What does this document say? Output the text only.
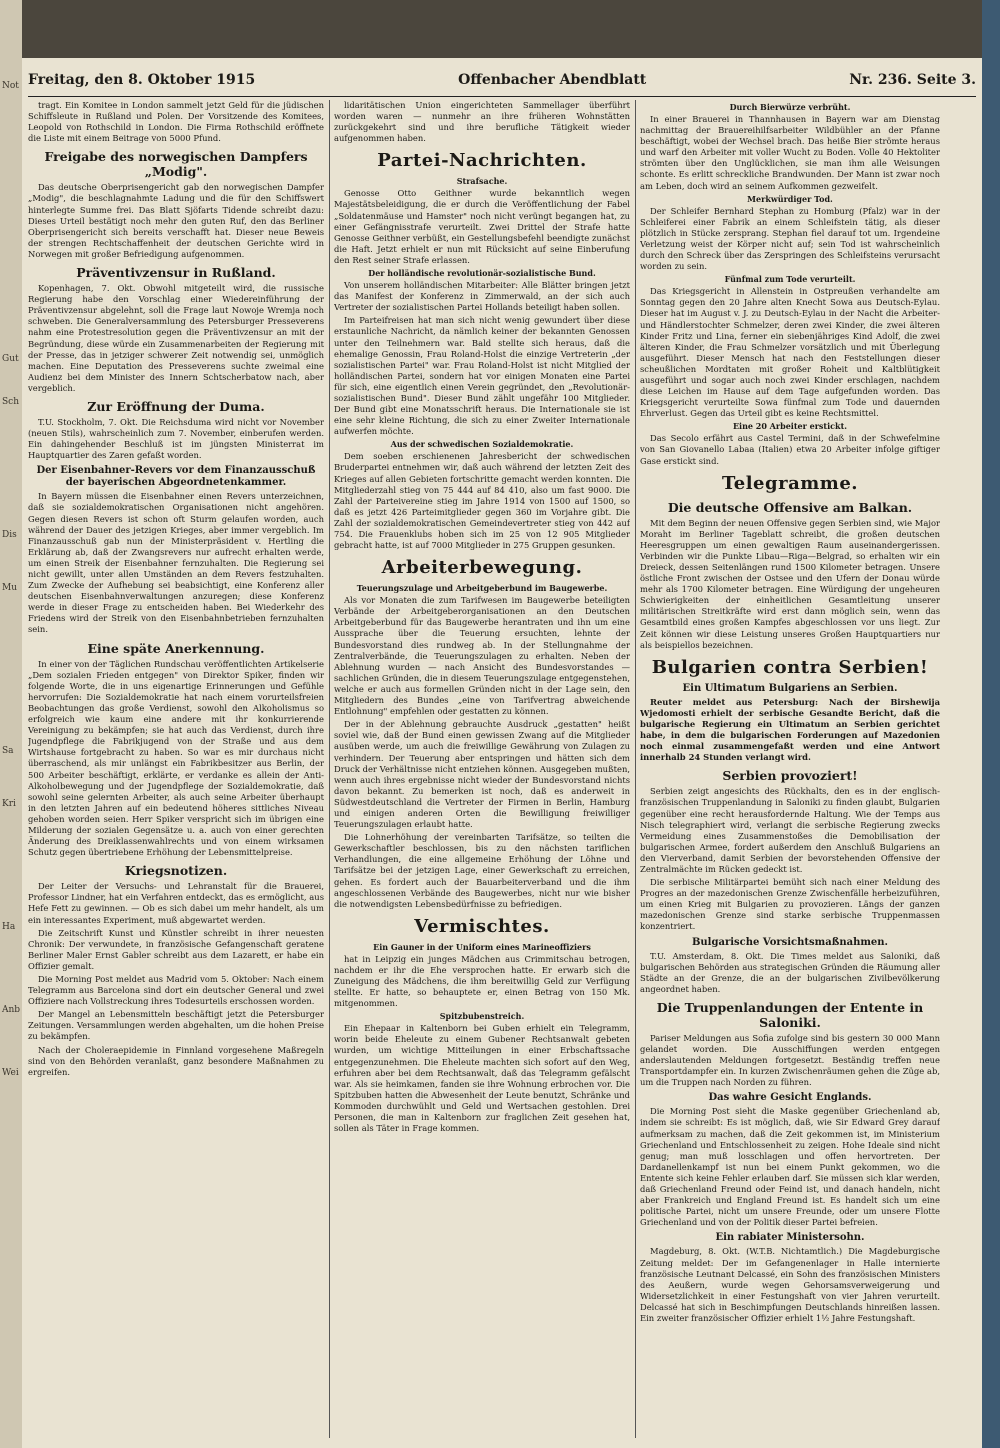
Not
Gut
Sch
Dis
Mu
Sa
Kri
Ha
Anb
Wei
Freitag, den 8. Oktober 1915	Offenbacher Abendblatt	Nr. 236. Seite 3.

tragt. Ein Komitee in London sammelt jetzt Geld für die jüdischen Schiffsleute in Rußland und Polen. Der Vorsitzende des Komitees, Leopold von Rothschild in London. Die Firma Rothschild eröffnete die Liste mit einem Beitrage von 5000 Pfund.

Freigabe des norwegischen Dampfers „Modig".

Das deutsche Oberprisengericht gab den norwegischen Dampfer „Modig", die beschlagnahmte Ladung und die für den Schiffswert hinterlegte Summe frei. Das Blatt Sjöfarts Tidende schreibt dazu: Dieses Urteil bestätigt noch mehr den guten Ruf, den das Berliner Oberprisengericht sich bereits verschafft hat. Dieser neue Beweis der strengen Rechtschaffenheit der deutschen Gerichte wird in Norwegen mit großer Befriedigung aufgenommen.

Präventivzensur in Rußland.

Kopenhagen, 7. Okt. Obwohl mitgeteilt wird, die russische Regierung habe den Vorschlag einer Wiedereinführung der Präventivzensur abgelehnt, soll die Frage laut Nowoje Wremja noch schweben. Die Generalversammlung des Petersburger Presseverens nahm eine Protestresolution gegen die Präventivzensur an mit der Begründung, diese würde ein Zusammenarbeiten der Regierung mit der Presse, das in jetziger schwerer Zeit notwendig sei, unmöglich machen. Eine Deputation des Presseverens suchte zweimal eine Audienz bei dem Minister des Innern Schtscherbatow nach, aber vergeblich.

Zur Eröffnung der Duma.

T.U. Stockholm, 7. Okt. Die Reichsduma wird nicht vor November (neuen Stils), wahrscheinlich zum 7. November, einberufen werden. Ein dahingehender Beschluß ist im jüngsten Ministerrat im Hauptquartier des Zaren gefaßt worden.

Der Eisenbahner-Revers vor dem Finanzausschuß der bayerischen Abgeordnetenkammer.

In Bayern müssen die Eisenbahner einen Revers unterzeichnen, daß sie sozialdemokratischen Organisationen nicht angehören. Gegen diesen Revers ist schon oft Sturm gelaufen worden, auch während der Dauer des jetzigen Krieges, aber immer vergeblich. Im Finanzausschuß gab nun der Ministerpräsident v. Hertling die Erklärung ab, daß der Zwangsrevers nur aufrecht erhalten werde, um einen Streik der Eisenbahner fernzuhalten. Die Regierung sei nicht gewillt, unter allen Umständen an dem Revers festzuhalten. Zum Zwecke der Aufhebung sei beabsichtigt, eine Konferenz aller deutschen Eisenbahnverwaltungen anzuregen; diese Konferenz werde in dieser Frage zu entscheiden haben. Bei Wiederkehr des Friedens wird der Streik von den Eisenbahnbetrieben fernzuhalten sein.

Eine späte Anerkennung.

In einer von der Täglichen Rundschau veröffentlichten Artikelserie „Dem sozialen Frieden entgegen" von Direktor Spiker, finden wir folgende Worte, die in uns eigenartige Erinnerungen und Gefühle hervorrufen: Die Sozialdemokratie hat nach einem vorurteilsfreien Beobachtungen das große Verdienst, sowohl den Alkoholismus so erfolgreich wie kaum eine andere mit ihr konkurrierende Vereinigung zu bekämpfen; sie hat auch das Verdienst, durch ihre Jugendpflege die Fabrikjugend von der Straße und aus dem Wirtshause fortgebracht zu haben. So war es mir durchaus nicht überraschend, als mir unlängst ein Fabrikbesitzer aus Berlin, der 500 Arbeiter beschäftigt, erklärte, er verdanke es allein der Anti-Alkoholbewegung und der Jugendpflege der Sozialdemokratie, daß sowohl seine gelernten Arbeiter, als auch seine Arbeiter überhaupt in den letzten Jahren auf ein bedeutend höheres sittliches Niveau gehoben worden seien. Herr Spiker verspricht sich im übrigen eine Milderung der sozialen Gegensätze u. a. auch von einer gerechten Änderung des Dreiklassenwahlrechts und von einem wirksamen Schutz gegen übertriebene Erhöhung der Lebensmittelpreise.

Kriegsnotizen.

Der Leiter der Versuchs- und Lehranstalt für die Brauerei, Professor Lindner, hat ein Verfahren entdeckt, das es ermöglicht, aus Hefe Fett zu gewinnen. — Ob es sich dabei um mehr handelt, als um ein interessantes Experiment, muß abgewartet werden.

Die Zeitschrift Kunst und Künstler schreibt in ihrer neuesten Chronik: Der verwundete, in französische Gefangenschaft geratene Berliner Maler Ernst Gabler schreibt aus dem Lazarett, er habe ein Offizier gemalt.

Die Morning Post meldet aus Madrid vom 5. Oktober: Nach einem Telegramm aus Barcelona sind dort ein deutscher General und zwei Offiziere nach Vollstreckung ihres Todesurteils erschossen worden.

Der Mangel an Lebensmitteln beschäftigt jetzt die Petersburger Zeitungen. Versammlungen werden abgehalten, um die hohen Preise zu bekämpfen.

Nach der Choleraepidemie in Finnland vorgesehene Maßregeln sind von den Behörden veranlaßt, ganz besondere Maßnahmen zu ergreifen.

lidaritätischen Union eingerichteten Sammellager überführt worden waren — nunmehr an ihre früheren Wohnstätten zurückgekehrt sind und ihre berufliche Tätigkeit wieder aufgenommen haben.

Partei-Nachrichten.
Strafsache.

Genosse Otto Geithner wurde bekanntlich wegen Majestätsbeleidigung, die er durch die Veröffentlichung der Fabel „Soldatenmäuse und Hamster" noch nicht verüngt begangen hat, zu einer Gefängnisstrafe verurteilt. Zwei Drittel der Strafe hatte Genosse Geithner verbüßt, ein Gestellungsbefehl beendigte zunächst die Haft. Jetzt erhielt er nun mit Rücksicht auf seine Einberufung den Rest seiner Strafe erlassen.

Der holländische revolutionär-sozialistische Bund.

Von unserem holländischen Mitarbeiter: Alle Blätter bringen jetzt das Manifest der Konferenz in Zimmerwald, an der sich auch Vertreter der sozialistischen Partei Hollands beteiligt haben sollen.

Im Parteifreisen hat man sich nicht wenig gewundert über diese erstaunliche Nachricht, da nämlich keiner der bekannten Genossen unter den Teilnehmern war. Bald stellte sich heraus, daß die ehemalige Genossin, Frau Roland-Holst die einzige Vertreterin „der sozialistischen Partei" war. Frau Roland-Holst ist nicht Mitglied der holländischen Partei, sondern hat vor einigen Monaten eine Partei für sich, eine eigentlich einen Verein gegründet, den „Revolutionär-sozialistischen Bund". Dieser Bund zählt ungefähr 100 Mitglieder. Der Bund gibt eine Monatsschrift heraus. Die Internationale sie ist eine sehr kleine Richtung, die sich zu einer Zweiter Internationale aufwerfen möchte.

Aus der schwedischen Sozialdemokratie.

Dem soeben erschienenen Jahresbericht der schwedischen Bruderpartei entnehmen wir, daß auch während der letzten Zeit des Krieges auf allen Gebieten fortschritte gemacht werden konnten. Die Mitgliederzahl stieg von 75 444 auf 84 410, also um fast 9000. Die Zahl der Parteivereine stieg im Jahre 1914 von 1500 auf 1500, so daß es jetzt 426 Parteimitglieder gegen 360 im Vorjahre gibt. Die Zahl der sozialdemokratischen Gemeindevertreter stieg von 442 auf 754. Die Frauenklubs hoben sich im 25 von 12 905 Mitglieder gebracht hatte, ist auf 7000 Mitglieder in 275 Gruppen gesunken.

Arbeiterbewegung.
Teuerungszulage und Arbeitgeberbund im Baugewerbe.

Als vor Monaten die zum Tarifwesen im Baugewerbe beteiligten Verbände der Arbeitgeberorganisationen an den Deutschen Arbeitgeberbund für das Baugewerbe herantraten und ihn um eine Aussprache über die Teuerung ersuchten, lehnte der Bundesvorstand dies rundweg ab. In der Stellungnahme der Zentralverbände, die Teuerungszulagen zu erhalten. Neben der Ablehnung wurden — nach Ansicht des Bundesvorstandes — sachlichen Gründen, die in diesem Teuerungszulage entgegenstehen, welche er auch aus formellen Gründen nicht in der Lage sein, den Mitgliedern des Bundes „eine von Tarifvertrag abweichende Entlohnung" empfehlen oder gestatten zu können.

Der in der Ablehnung gebrauchte Ausdruck „gestatten" heißt soviel wie, daß der Bund einen gewissen Zwang auf die Mitglieder ausüben werde, um auch die freiwillige Gewährung von Zulagen zu verhindern. Der Teuerung aber entspringen und hätten sich dem Druck der Verhältnisse nicht entziehen können. Ausgegeben mußten, wenn auch ihres ergebnisse nicht wieder der Bundesvorstand nichts davon bekannt. Zu bemerken ist noch, daß es anderweit in Südwestdeutschland die Vertreter der Firmen in Berlin, Hamburg und einigen anderen Orten die Bewilligung freiwilliger Teuerungszulagen erlaubt hatte.

Die Lohnerhöhung der vereinbarten Tarifsätze, so teilten die Gewerkschaftler beschlossen, bis zu den nächsten tariflichen Verhandlungen, die eine allgemeine Erhöhung der Löhne und Tarifsätze bei der jetzigen Lage, einer Gewerkschaft zu erreichen, gehen. Es fordert auch der Bauarbeiterverband und die ihm angeschlossenen Verbände des Baugewerbes, nicht nur wie bisher die notwendigsten Lebensbedürfnisse zu befriedigen.

Vermischtes.
Ein Gauner in der Uniform eines Marineoffiziers

hat in Leipzig ein junges Mädchen aus Crimmitschau betrogen, nachdem er ihr die Ehe versprochen hatte. Er erwarb sich die Zuneigung des Mädchens, die ihm bereitwillig Geld zur Verfügung stellte. Er hatte, so behauptete er, einen Betrag von 150 Mk. mitgenommen.

Spitzbubenstreich.

Ein Ehepaar in Kaltenborn bei Guben erhielt ein Telegramm, worin beide Eheleute zu einem Gubener Rechtsanwalt gebeten wurden, um wichtige Mitteilungen in einer Erbschaftssache entgegenzunehmen. Die Eheleute machten sich sofort auf den Weg, erfuhren aber bei dem Rechtsanwalt, daß das Telegramm gefälscht war. Als sie heimkamen, fanden sie ihre Wohnung erbrochen vor. Die Spitzbuben hatten die Abwesenheit der Leute benutzt, Schränke und Kommoden durchwühlt und Geld und Wertsachen gestohlen. Drei Personen, die man in Kaltenborn zur fraglichen Zeit gesehen hat, sollen als Täter in Frage kommen.

Durch Bierwürze verbrüht.

In einer Brauerei in Thannhausen in Bayern war am Dienstag nachmittag der Brauereihilfsarbeiter Wildbühler an der Pfanne beschäftigt, wobei der Wechsel brach. Das heiße Bier strömte heraus und warf den Arbeiter mit voller Wucht zu Boden. Volle 40 Hektoliter strömten über den Unglücklichen, sie man ihm alle Weisungen schonte. Es erlitt schreckliche Brandwunden. Der Mann ist zwar noch am Leben, doch wird an seinem Aufkommen gezweifelt.

Merkwürdiger Tod.

Der Schleifer Bernhard Stephan zu Homburg (Pfalz) war in der Schleiferei einer Fabrik an einem Schleifstein tätig, als dieser plötzlich in Stücke zersprang. Stephan fiel darauf tot um. Irgendeine Verletzung weist der Körper nicht auf; sein Tod ist wahrscheinlich durch den Schreck über das Zerspringen des Schleifsteins verursacht worden zu sein.

Fünfmal zum Tode verurteilt.

Das Kriegsgericht in Allenstein in Ostpreußen verhandelte am Sonntag gegen den 20 Jahre alten Knecht Sowa aus Deutsch-Eylau. Dieser hat im August v. J. zu Deutsch-Eylau in der Nacht die Arbeiter- und Händlerstochter Schmelzer, deren zwei Kinder, die zwei älteren Kinder Fritz und Lina, ferner ein siebenjähriges Kind Adolf, die zwei älteren Kinder, die Frau Schmelzer vorsätzlich und mit Überlegung ausgeführt. Dieser Mensch hat nach den Feststellungen dieser scheußlichen Mordtaten mit großer Roheit und Kaltblütigkeit ausgeführt und sogar auch noch zwei Kinder erschlagen, nachdem diese Leichen im Hause auf dem Tage aufgefunden worden. Das Kriegsgericht verurteilte Sowa fünfmal zum Tode und dauernden Ehrverlust. Gegen das Urteil gibt es keine Rechtsmittel.

Eine 20 Arbeiter erstickt.

Das Secolo erfährt aus Castel Termini, daß in der Schwefelmine von San Giovanello Labaa (Italien) etwa 20 Arbeiter infolge giftiger Gase erstickt sind.

Telegramme.
Die deutsche Offensive am Balkan.

Mit dem Beginn der neuen Offensive gegen Serbien sind, wie Major Moraht im Berliner Tageblatt schreibt, die großen deutschen Heeresgruppen um einen gewaltigen Raum auseinandergerissen. Verbinden wir die Punkte Libau—Riga—Belgrad, so erhalten wir ein Dreieck, dessen Seitenlängen rund 1500 Kilometer betragen. Unsere östliche Front zwischen der Ostsee und den Ufern der Donau würde mehr als 1700 Kilometer betragen. Eine Würdigung der ungeheuren Schwierigkeiten der einheitlichen Gesamtleitung unserer militärischen Streitkräfte wird erst dann möglich sein, wenn das Gesamtbild eines großen Kampfes abgeschlossen vor uns liegt. Zur Zeit können wir diese Leistung unseres Großen Hauptquartiers nur als beispiellos bezeichnen.

Bulgarien contra Serbien!
Ein Ultimatum Bulgariens an Serbien.

Reuter meldet aus Petersburg: Nach der Birshewija Wjedomosti erhielt der serbische Gesandte Bericht, daß die bulgarische Regierung ein Ultimatum an Serbien gerichtet habe, in dem die bulgarischen Forderungen auf Mazedonien noch einmal zusammengefaßt werden und eine Antwort innerhalb 24 Stunden verlangt wird.

Serbien provoziert!

Serbien zeigt angesichts des Rückhalts, den es in der englisch-französischen Truppenlandung in Saloniki zu finden glaubt, Bulgarien gegenüber eine recht herausfordernde Haltung. Wie der Temps aus Nisch telegraphiert wird, verlangt die serbische Regierung zwecks Vermeidung eines Zusammenstoßes die Demobilisation der bulgarischen Armee, fordert außerdem den Anschluß Bulgariens an den Vierverband, damit Serbien der bevorstehenden Offensive der Zentralmächte im Rücken gedeckt ist.

Die serbische Militärpartei bemüht sich nach einer Meldung des Progres an der mazedonischen Grenze Zwischenfälle herbeizuführen, um einen Krieg mit Bulgarien zu provozieren. Längs der ganzen mazedonischen Grenze sind starke serbische Truppenmassen konzentriert.

Bulgarische Vorsichtsmaßnahmen.

T.U. Amsterdam, 8. Okt. Die Times meldet aus Saloniki, daß bulgarischen Behörden aus strategischen Gründen die Räumung aller Städte an der Grenze, die an der bulgarischen Zivilbevölkerung angeordnet haben.

Die Truppenlandungen der Entente in Saloniki.

Pariser Meldungen aus Sofia zufolge sind bis gestern 30 000 Mann gelandet worden. Die Ausschiffungen werden entgegen anderslautenden Meldungen fortgesetzt. Beständig treffen neue Transportdampfer ein. In kurzen Zwischenräumen gehen die Züge ab, um die Truppen nach Norden zu führen.

Das wahre Gesicht Englands.

Die Morning Post sieht die Maske gegenüber Griechenland ab, indem sie schreibt: Es ist möglich, daß, wie Sir Edward Grey darauf aufmerksam zu machen, daß die Zeit gekommen ist, im Ministerium Griechenland und Entschlossenheit zu zeigen. Hohe Ideale sind nicht genug; man muß losschlagen und offen hervortreten. Der Dardanellenkampf ist nun bei einem Punkt gekommen, wo die Entente sich keine Fehler erlauben darf. Sie müssen sich klar werden, daß Griechenland Freund oder Feind ist, und danach handeln, nicht aber Frankreich und England Freund ist. Es handelt sich um eine politische Partei, nicht um unsere Freunde, oder um unsere Flotte Griechenland und von der Politik dieser Partei befreien.

Ein rabiater Ministersohn.

Magdeburg, 8. Okt. (W.T.B. Nichtamtlich.) Die Magdeburgische Zeitung meldet: Der im Gefangenenlager in Halle internierte französische Leutnant Delcassé, ein Sohn des französischen Ministers des Aeußern, wurde wegen Gehorsamsverweigerung und Widersetzlichkeit in einer Festungshaft von vier Jahren verurteilt. Delcassé hat sich in Beschimpfungen Deutschlands hinreißen lassen. Ein zweiter französischer Offizier erhielt 1½ Jahre Festungshaft.
